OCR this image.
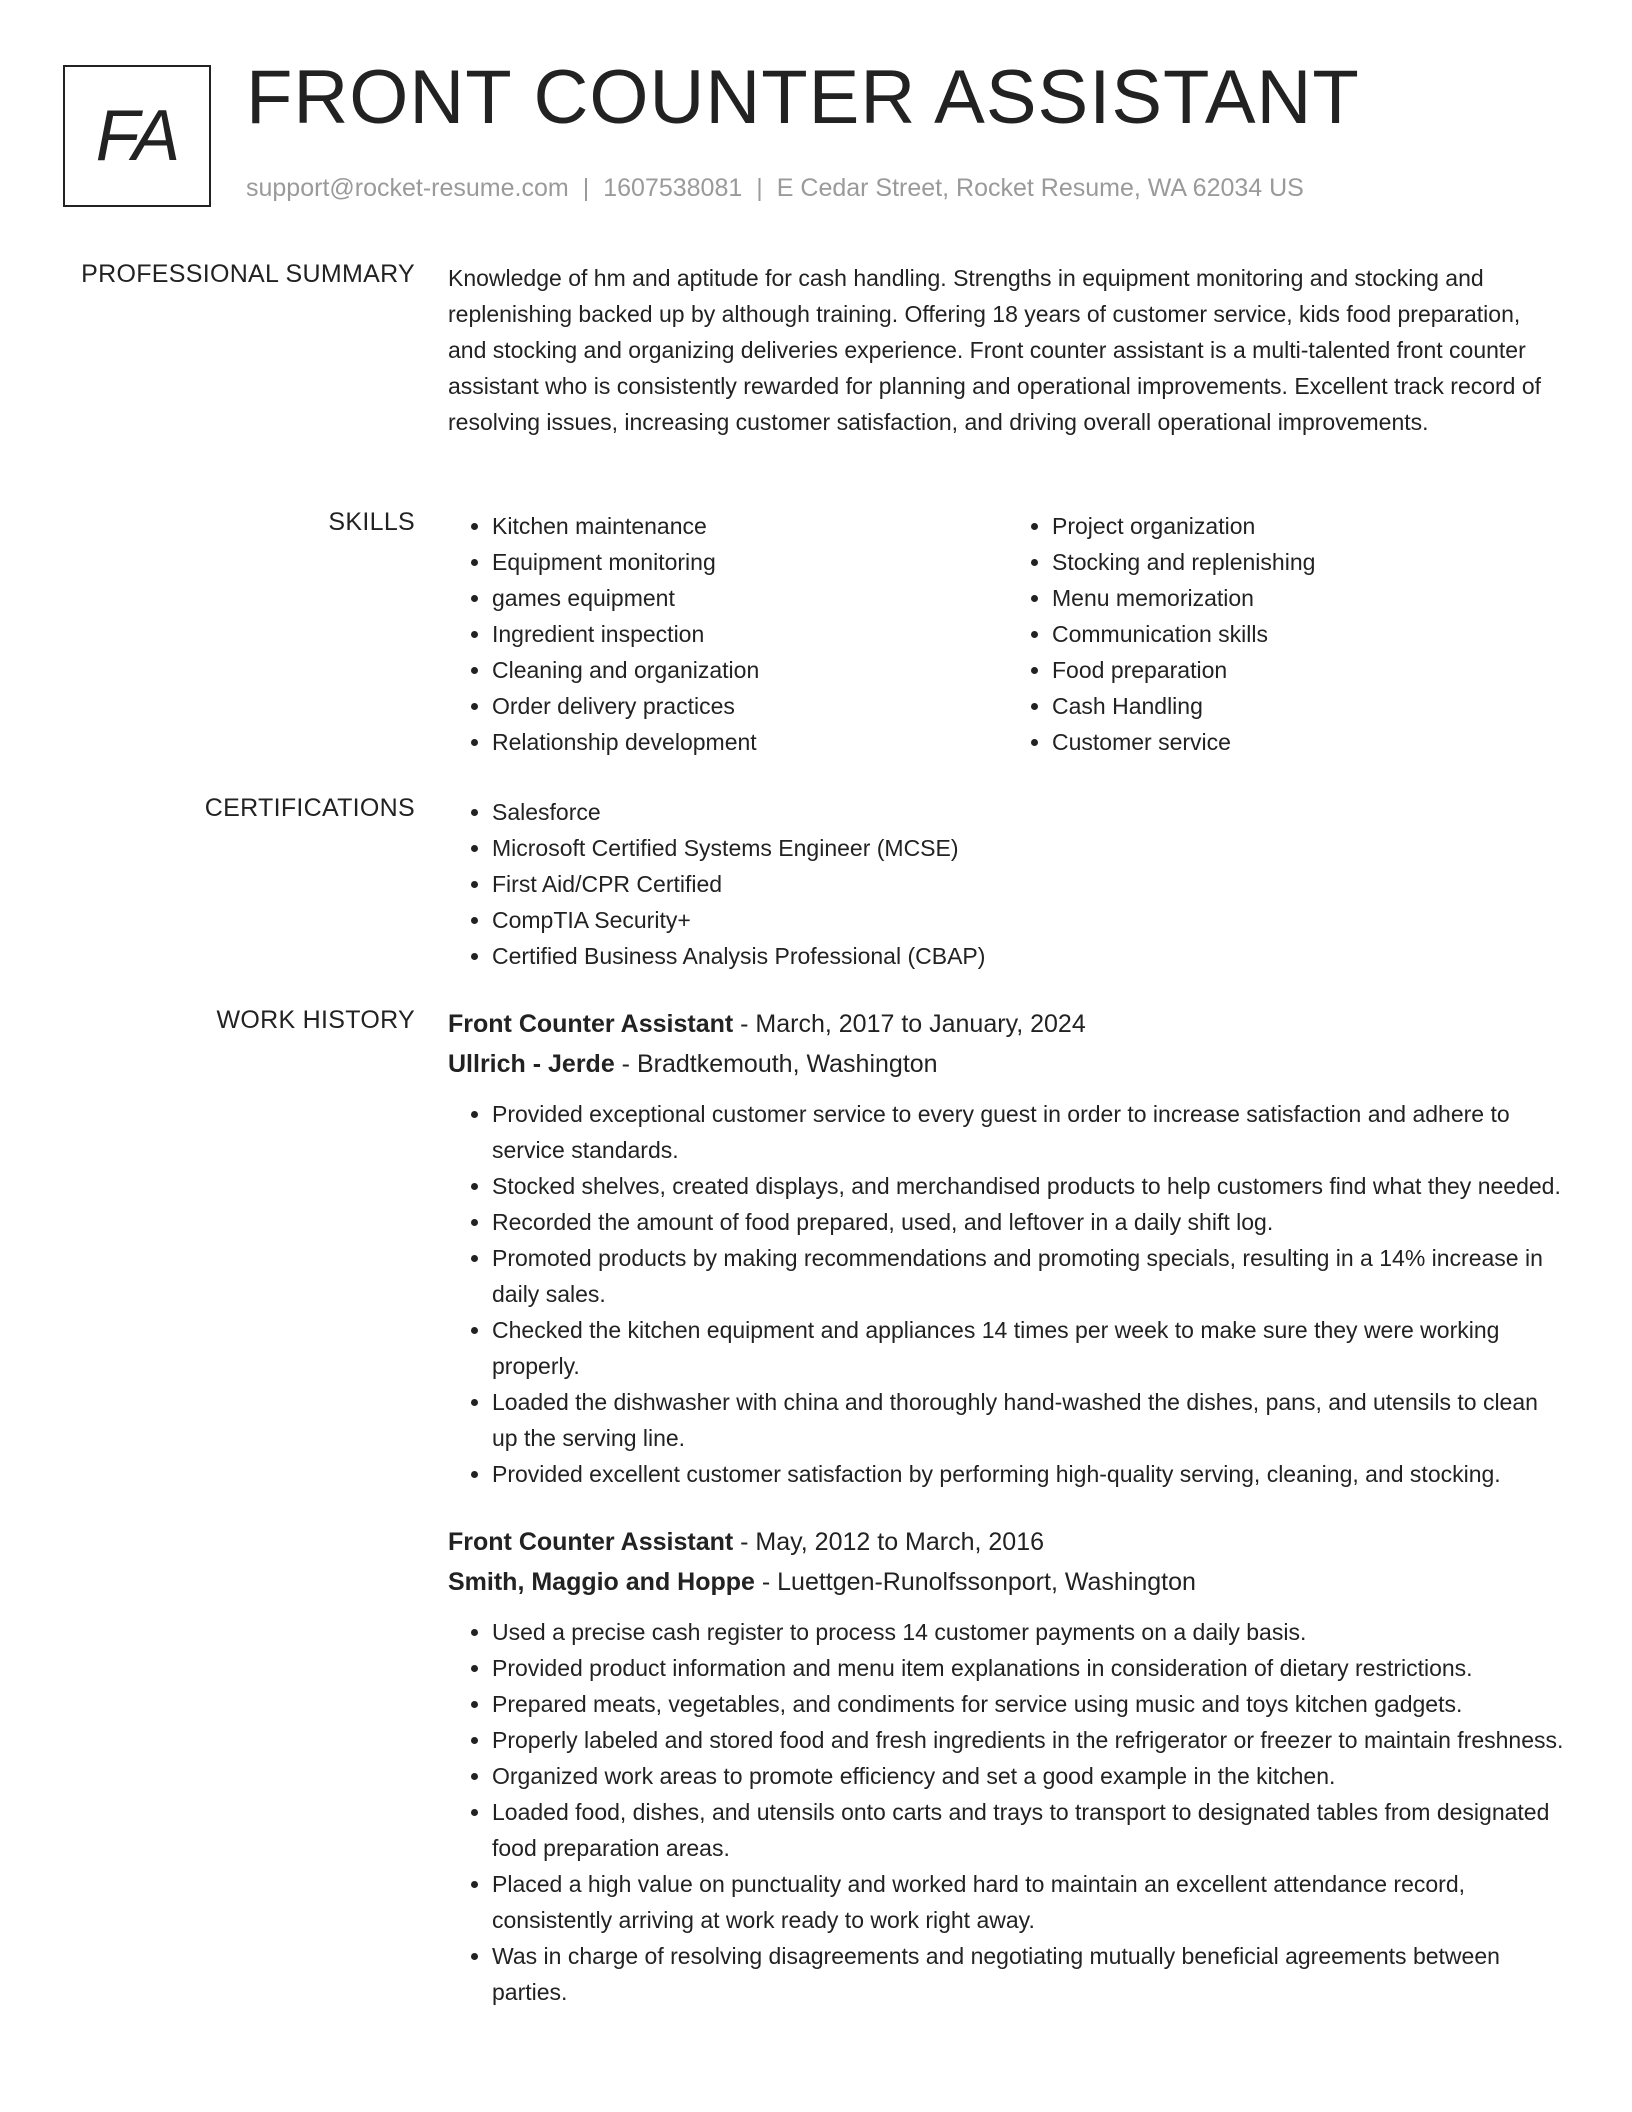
FA FRONT COUNTER ASSISTANT
support@rocket-resume.com | 1607538081 | E Cedar Street, Rocket Resume, WA 62034 US
PROFESSIONAL SUMMARY Knowledge of hm and aptitude for cash handling. Strengths in equipment monitoring and stocking and replenishing backed up by although training. Offering 18 years of customer service, kids food preparation, and stocking and organizing deliveries experience. Front counter assistant is a multi-talented front counter assistant who is consistently rewarded for planning and operational improvements. Excellent track record of resolving issues, increasing customer satisfaction, and driving overall operational improvements.

SKILLS	• Kitchen maintenance
• Equipment monitoring
• games equipment
• Ingredient inspection
• Cleaning and organization
• Order delivery practices
• Relationship development
• Project organization
• Stocking and replenishing
• Menu memorization
• Communication skills
• Food preparation
• Cash Handling
• Customer service
CERTIFICATIONS	• Salesforce
• Microsoft Certified Systems Engineer (MCSE)
• First Aid/CPR Certified
• CompTIA Security+
• Certified Business Analysis Professional (CBAP)
WORK HISTORY Front Counter Assistant - March, 2017 to January, 2024
Ullrich - Jerde - Bradtkemouth, Washington
• Provided exceptional customer service to every guest in order to increase satisfaction and adhere to service standards.
• Stocked shelves, created displays, and merchandised products to help customers find what they needed.
• Recorded the amount of food prepared, used, and leftover in a daily shift log.
• Promoted products by making recommendations and promoting specials, resulting in a 14% increase in daily sales.
• Checked the kitchen equipment and appliances 14 times per week to make sure they were working properly.
• Loaded the dishwasher with china and thoroughly hand-washed the dishes, pans, and utensils to clean up the serving line.
• Provided excellent customer satisfaction by performing high-quality serving, cleaning, and stocking.
Front Counter Assistant - May, 2012 to March, 2016
Smith, Maggio and Hoppe - Luettgen-Runolfssonport, Washington
• Used a precise cash register to process 14 customer payments on a daily basis.
• Provided product information and menu item explanations in consideration of dietary restrictions.
• Prepared meats, vegetables, and condiments for service using music and toys kitchen gadgets.
• Properly labeled and stored food and fresh ingredients in the refrigerator or freezer to maintain freshness.
• Organized work areas to promote efficiency and set a good example in the kitchen.
• Loaded food, dishes, and utensils onto carts and trays to transport to designated tables from designated food preparation areas.
• Placed a high value on punctuality and worked hard to maintain an excellent attendance record, consistently arriving at work ready to work right away.
• Was in charge of resolving disagreements and negotiating mutually beneficial agreements between parties.
